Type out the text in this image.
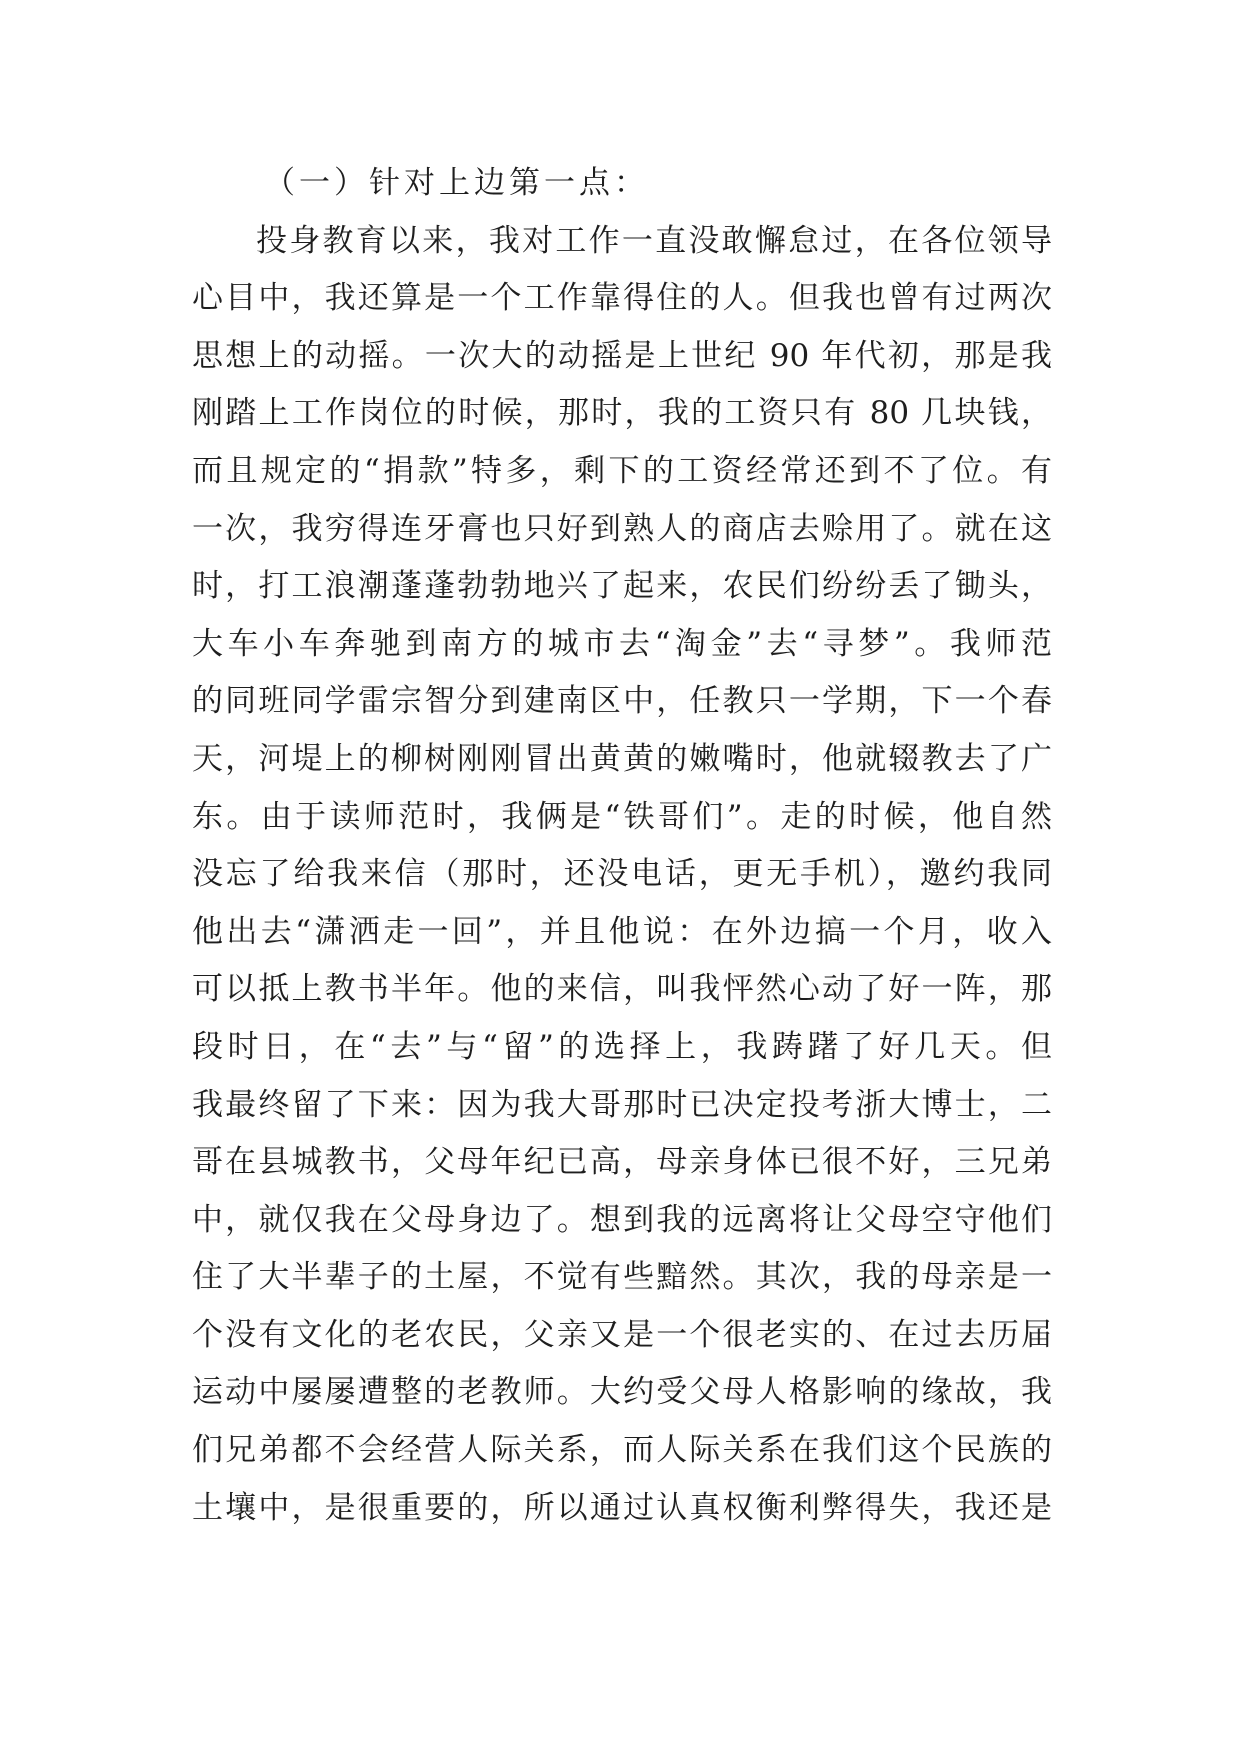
（一）针对上边第一点：
投身教育以来，我对工作一直没敢懈怠过，在各位领导
心目中，我还算是一个工作靠得住的人。但我也曾有过两次
思想上的动摇。一次大的动摇是上世纪 90 年代初，那是我
刚踏上工作岗位的时候，那时，我的工资只有 80 几块钱，
而且规定的“捐款”特多，剩下的工资经常还到不了位。有
一次，我穷得连牙膏也只好到熟人的商店去赊用了。就在这
时，打工浪潮蓬蓬勃勃地兴了起来，农民们纷纷丢了锄头，
大车小车奔驰到南方的城市去“淘金”去“寻梦”。我师范
的同班同学雷宗智分到建南区中，任教只一学期，下一个春
天，河堤上的柳树刚刚冒出黄黄的嫩嘴时，他就辍教去了广
东。由于读师范时，我俩是“铁哥们”。走的时候，他自然
没忘了给我来信（那时，还没电话，更无手机），邀约我同
他出去“潇洒走一回”，并且他说：在外边搞一个月，收入
可以抵上教书半年。他的来信，叫我怦然心动了好一阵，那
段时日，在“去”与“留”的选择上，我踌躇了好几天。但
我最终留了下来：因为我大哥那时已决定投考浙大博士，二
哥在县城教书，父母年纪已高，母亲身体已很不好，三兄弟
中，就仅我在父母身边了。想到我的远离将让父母空守他们
住了大半辈子的土屋，不觉有些黯然。其次，我的母亲是一
个没有文化的老农民，父亲又是一个很老实的、在过去历届
运动中屡屡遭整的老教师。大约受父母人格影响的缘故，我
们兄弟都不会经营人际关系，而人际关系在我们这个民族的
土壤中，是很重要的，所以通过认真权衡利弊得失，我还是
